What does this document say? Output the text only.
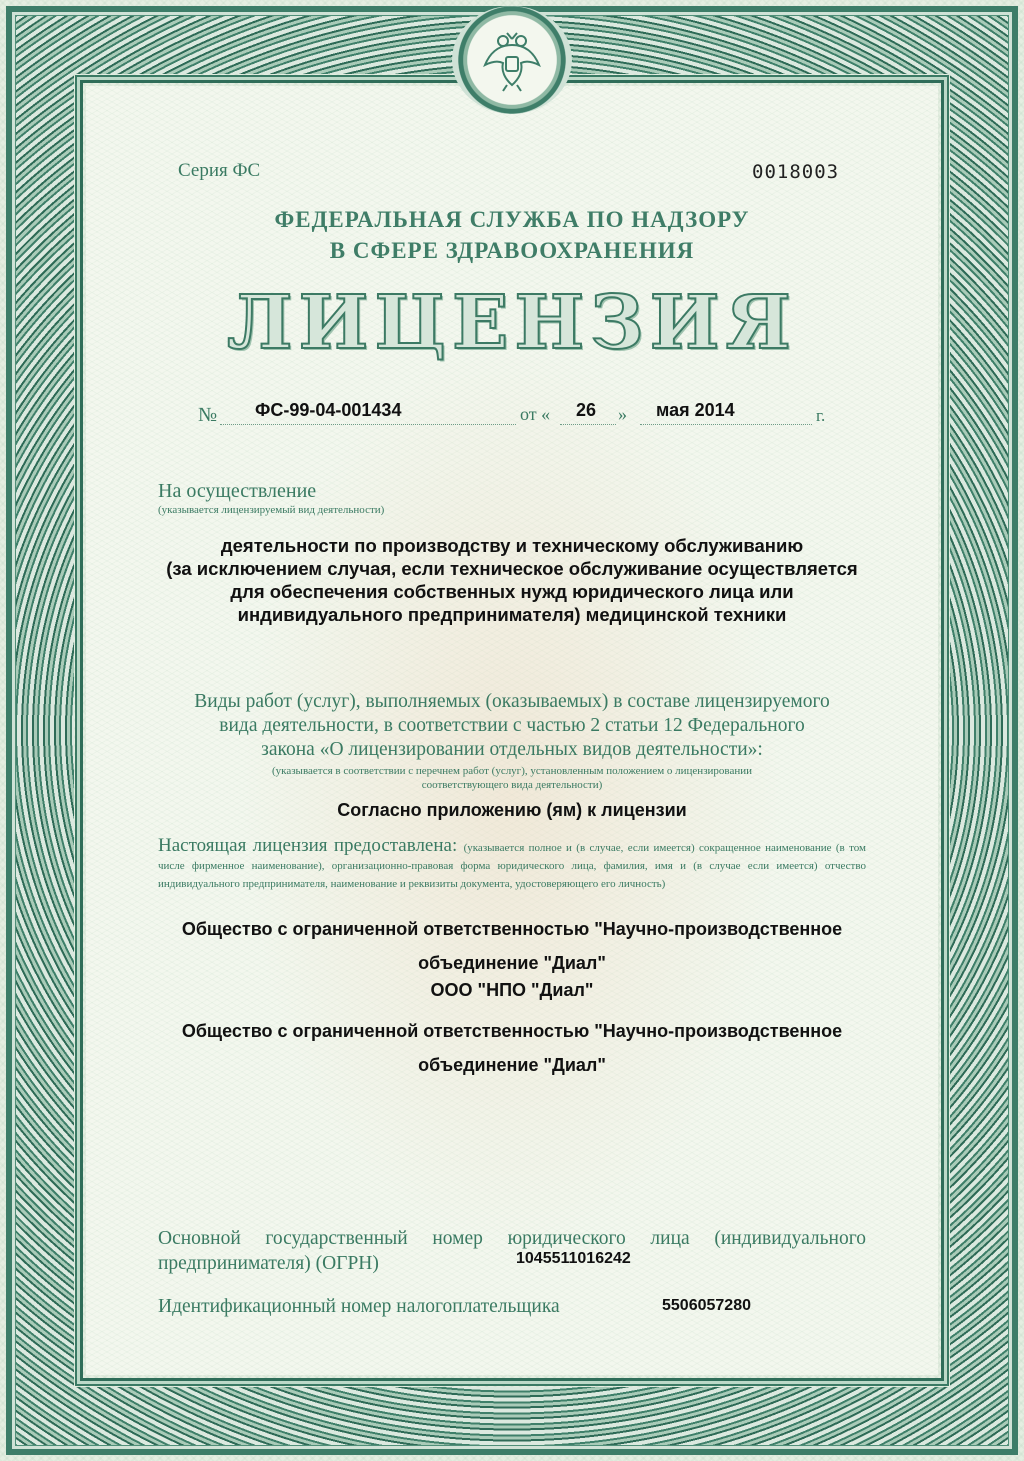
Серия ФС	0018003
ФЕДЕРАЛЬНАЯ СЛУЖБА ПО НАДЗОРУ
В СФЕРЕ ЗДРАВООХРАНЕНИЯ
ЛИЦЕНЗИЯ
№ ФС-99-04-001434	от « 26 » мая 2014	г.
На осуществление
(указывается лицензируемый вид деятельности)
деятельности по производству и техническому обслуживанию
(за исключением случая, если техническое обслуживание осуществляется
для обеспечения собственных нужд юридического лица или
индивидуального предпринимателя) медицинской техники
Виды работ (услуг), выполняемых (оказываемых) в составе лицензируемого
вида деятельности, в соответствии с частью 2 статьи 12 Федерального
закона «О лицензировании отдельных видов деятельности»:
(указывается в соответствии с перечнем работ (услуг), установленным положением о лицензировании
соответствующего вида деятельности)
Согласно приложению (ям) к лицензии
Настоящая лицензия предоставлена: (указывается полное и (в случае, если имеется) сокращенное наименование (в том числе фирменное наименование), организационно-правовая форма юридического лица, фамилия, имя и (в случае если имеется) отчество индивидуального предпринимателя, наименование и реквизиты документа, удостоверяющего его личность)
Общество с ограниченной ответственностью "Научно-производственное
объединение "Диал"
ООО "НПО "Диал"
Общество с ограниченной ответственностью "Научно-производственное
объединение "Диал"
Основной государственный номер юридического лица (индивидуального предпринимателя) (ОГРН)	1045511016242
Идентификационный номер налогоплательщика	5506057280
